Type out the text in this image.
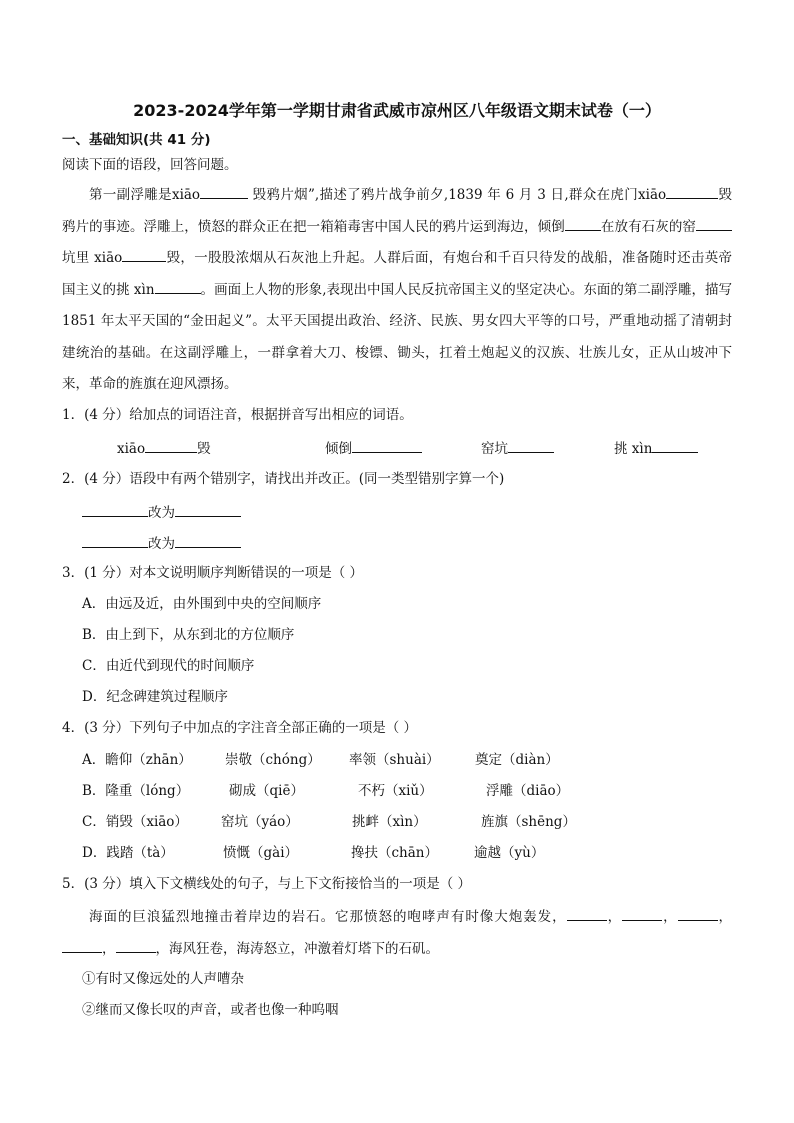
2023-2024学年第一学期甘肃省武威市凉州区八年级语文期末试卷（一）
一、基础知识(共 41 分)
阅读下面的语段，回答问题。
第一副浮雕是xiāo	毁鸦片烟”,描述了鸦片战争前夕,1839 年 6 月 3 日,群众在虎门xiāo	毁鸦片的事迹。浮雕上，愤怒的群众正在把一箱箱毒害中国人民的鸦片运到海边，倾倒	在放有石灰的窑坑里 xiāo	毁，一股股浓烟从石灰池上升起。人群后面，有炮台和千百只待发的战船，准备随时还击英帝国主义的挑 xìn	。画面上人物的形象,表现出中国人民反抗帝国主义的坚定决心。东面的第二副浮雕，描写 1851 年太平天国的“金田起义”。太平天国提出政治、经济、民族、男女四大平等的口号，严重地动摇了清朝封建统治的基础。在这副浮雕上，一群拿着大刀、梭镖、锄头，扛着土炮起义的汉族、壮族儿女，正从山坡冲下来，革命的旌旗在迎风漂扬。
1．(4 分）给加点的词语注音，根据拼音写出相应的词语。
xiāo	毁	倾倒	窑坑	挑 xìn
2．(4 分）语段中有两个错别字，请找出并改正。(同一类型错别字算一个)
改为
改为
3．(1 分）对本文说明顺序判断错误的一项是（ ）
A．由远及近，由外围到中央的空间顺序
B．由上到下，从东到北的方位顺序
C．由近代到现代的时间顺序
D．纪念碑建筑过程顺序
4．(3 分）下列句子中加点的字注音全部正确的一项是（ ）
A．瞻仰（zhān） 崇敬（chóng） 率领（shuài）	奠定（diàn）
B．隆重（lóng）	砌成（qiē）	不朽（xiǔ）	浮雕（diāo）
C．销毁（xiāo） 窑坑（yáo）	挑衅（xìn）	旌旗（shēng）
D．践踏（tà）	愤慨（gài）	搀扶（chān）	逾越（yù）
5．(3 分）填入下文横线处的句子，与上下文衔接恰当的一项是（ ）
海面的巨浪猛烈地撞击着岸边的岩石。它那愤怒的咆哮声有时像大炮轰发，	，	，	，，	，海风狂卷，海涛怒立，冲激着灯塔下的石矶。
①有时又像远处的人声嘈杂
②继而又像长叹的声音，或者也像一种呜咽
